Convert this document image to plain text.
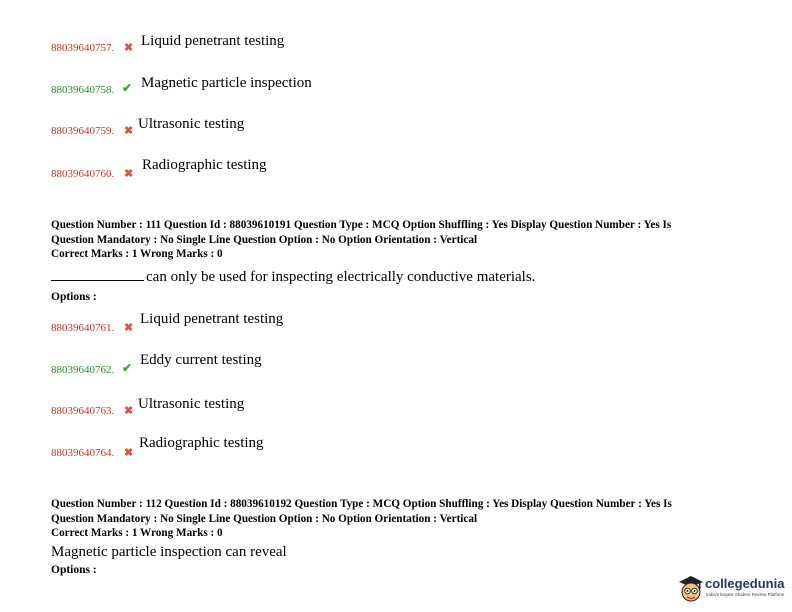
88039640757. ✖ Liquid penetrant testing
88039640758. ✔ Magnetic particle inspection
88039640759. ✖ Ultrasonic testing
88039640760. ✖
Radiographic testing
Question Number : 111 Question Id : 88039610191 Question Type : MCQ Option Shuffling : Yes Display Question Number : Yes Is
Question Mandatory : No Single Line Question Option : No Option Orientation : Vertical
Correct Marks : 1 Wrong Marks : 0
can only be used for inspecting electrically conductive materials.
Options :
88039640761. ✖
Liquid penetrant testing
88039640762. ✔ Eddy current testing
88039640763. ✖ Ultrasonic testing
88039640764. ✖
Radiographic testing
Question Number : 112 Question Id : 88039610192 Question Type : MCQ Option Shuffling : Yes Display Question Number : Yes Is
Question Mandatory : No Single Line Question Option : No Option Orientation : Vertical
Correct Marks : 1 Wrong Marks : 0
Magnetic particle inspection can reveal
Options :
collegedunia
India's largest Student Review Platform
